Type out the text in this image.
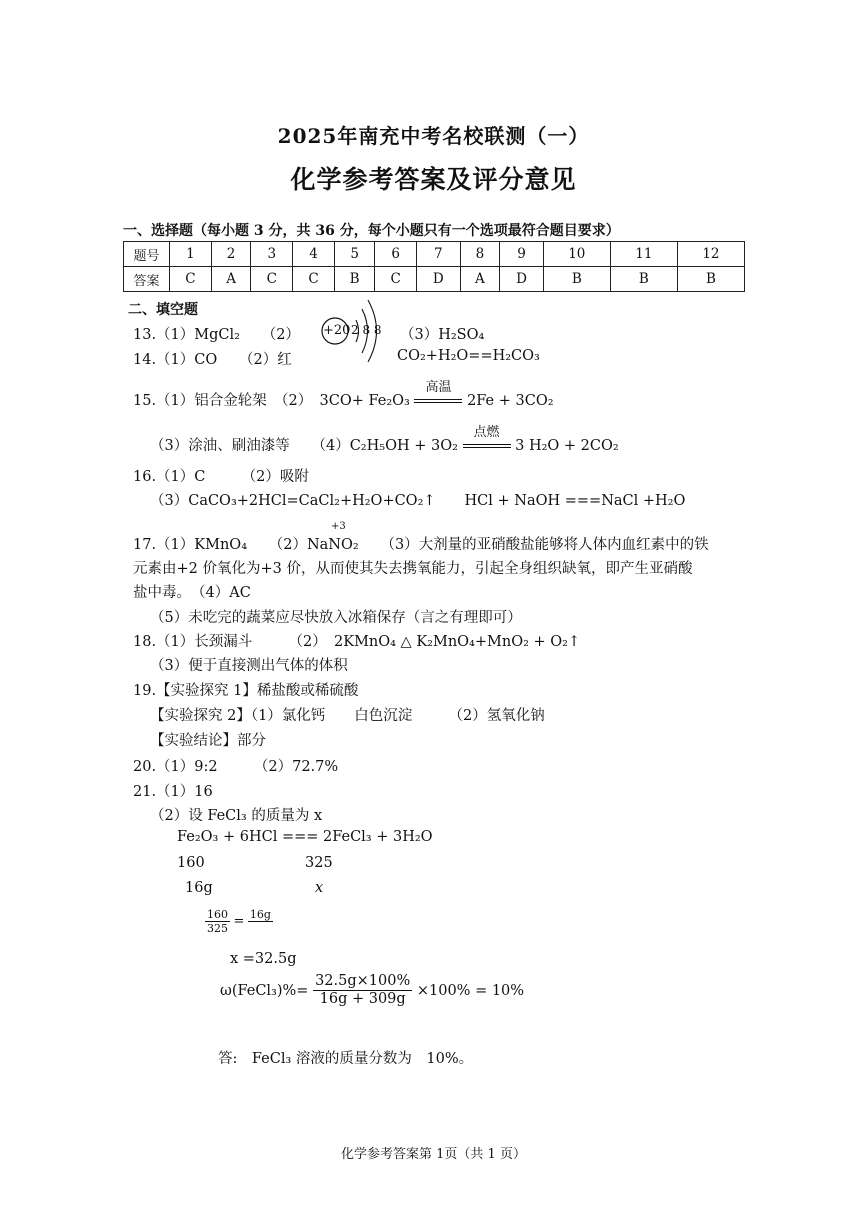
2025年南充中考名校联测（一）
化学参考答案及评分意见
一、选择题（每小题 3 分，共 36 分，每个小题只有一个选项最符合题目要求）
题号	1	2	3	4	5	6	7	8	9	10	11	12
答案	C	A	C	C	B	C	D	A	D	B	B	B
二、填空题
13.（1）MgCl₂　　（2） +20 2 8 8 （3）H₂SO₄
14.（1）CO　　（2）红	CO₂+H₂O==H₂CO₃
15.（1）铝合金轮架　（2）　3CO+ Fe₂O₃
高温
2Fe + 3CO₂
（3）涂油、刷油漆等　　（4）C₂H₅OH + 3O₂
点燃
3 H₂O + 2CO₂
16.（1）C　　　（2）吸附
（3）CaCO₃+2HCl=CaCl₂+H₂O+CO₂↑　　HCl + NaOH ===NaCl +H₂O
+3
17.（1）KMnO₄　　（2）NaNO₂　　（3）大剂量的亚硝酸盐能够将人体内血红素中的铁
元素由+2 价氧化为+3 价，从而使其失去携氧能力，引起全身组织缺氧，即产生亚硝酸
盐中毒。　（4）AC
（5）未吃完的蔬菜应尽快放入冰箱保存（言之有理即可）
18.（1）长颈漏斗　　　（2）　2KMnO₄ △ K₂MnO₄+MnO₂ + O₂↑
（3）便于直接测出气体的体积
19.【实验探究 1】稀盐酸或稀硫酸
【实验探究 2】（1）氯化钙　　白色沉淀　　　（2）氢氧化钠
【实验结论】部分
20.（1）9:2　　　（2）72.7%
21.（1）16
（2）设 FeCl₃ 的质量为 x
Fe₂O₃ + 6HCl === 2FeCl₃ + 3H₂O
160	325
16g	x
$\frac{160}{325} = 16g$

x =32.5g
ω(FeCl₃)%= $\frac{32.5g\times 100\%}{16g + 309g} \times 100\% = 10\%$
答:　FeCl₃ 溶液的质量分数为　10%。
化学参考答案第 1页（共 1 页）
